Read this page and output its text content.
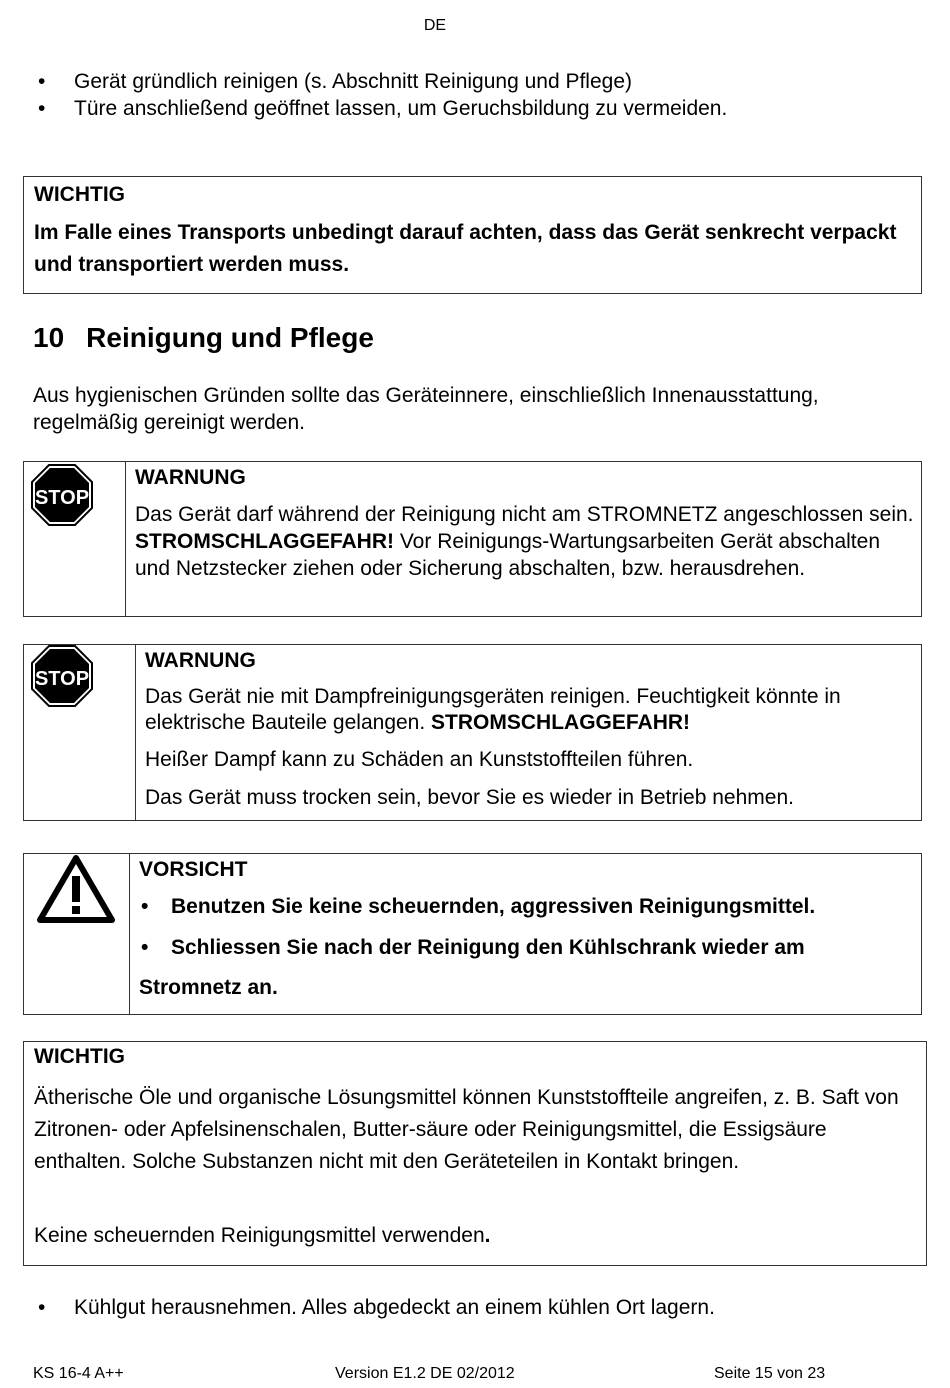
DE
• Gerät gründlich reinigen (s. Abschnitt Reinigung und Pflege)
• Türe anschließend geöffnet lassen, um Geruchsbildung zu vermeiden.
WICHTIG
Im Falle eines Transports unbedingt darauf achten, dass das Gerät senkrecht verpackt und transportiert werden muss.
10 Reinigung und Pflege
Aus hygienischen Gründen sollte das Geräteinnere, einschließlich Innenausstattung, regelmäßig gereinigt werden.
STOP

WARNUNG

Das Gerät darf während der Reinigung nicht am STROMNETZ angeschlossen sein. STROMSCHLAGGEFAHR! Vor Reinigungs-Wartungsarbeiten Gerät abschalten und Netzstecker ziehen oder Sicherung abschalten, bzw. herausdrehen.

STOP

WARNUNG

Das Gerät nie mit Dampfreinigungsgeräten reinigen. Feuchtigkeit könnte in elektrische Bauteile gelangen. STROMSCHLAGGEFAHR!

Heißer Dampf kann zu Schäden an Kunststoffteilen führen.

Das Gerät muss trocken sein, bevor Sie es wieder in Betrieb nehmen.

VORSICHT

• Benutzen Sie keine scheuernden, aggressiven Reinigungsmittel.
• Schliessen Sie nach der Reinigung den Kühlschrank wieder am

Stromnetz an.

WICHTIG
Ätherische Öle und organische Lösungsmittel können Kunststoffteile angreifen, z. B. Saft von Zitronen- oder Apfelsinenschalen, Butter-säure oder Reinigungsmittel, die Essigsäure enthalten. Solche Substanzen nicht mit den Geräteteilen in Kontakt bringen.
Keine scheuernden Reinigungsmittel verwenden.
• Kühlgut herausnehmen. Alles abgedeckt an einem kühlen Ort lagern.
KS 16-4 A++	Version E1.2 DE 02/2012	Seite 15 von 23
